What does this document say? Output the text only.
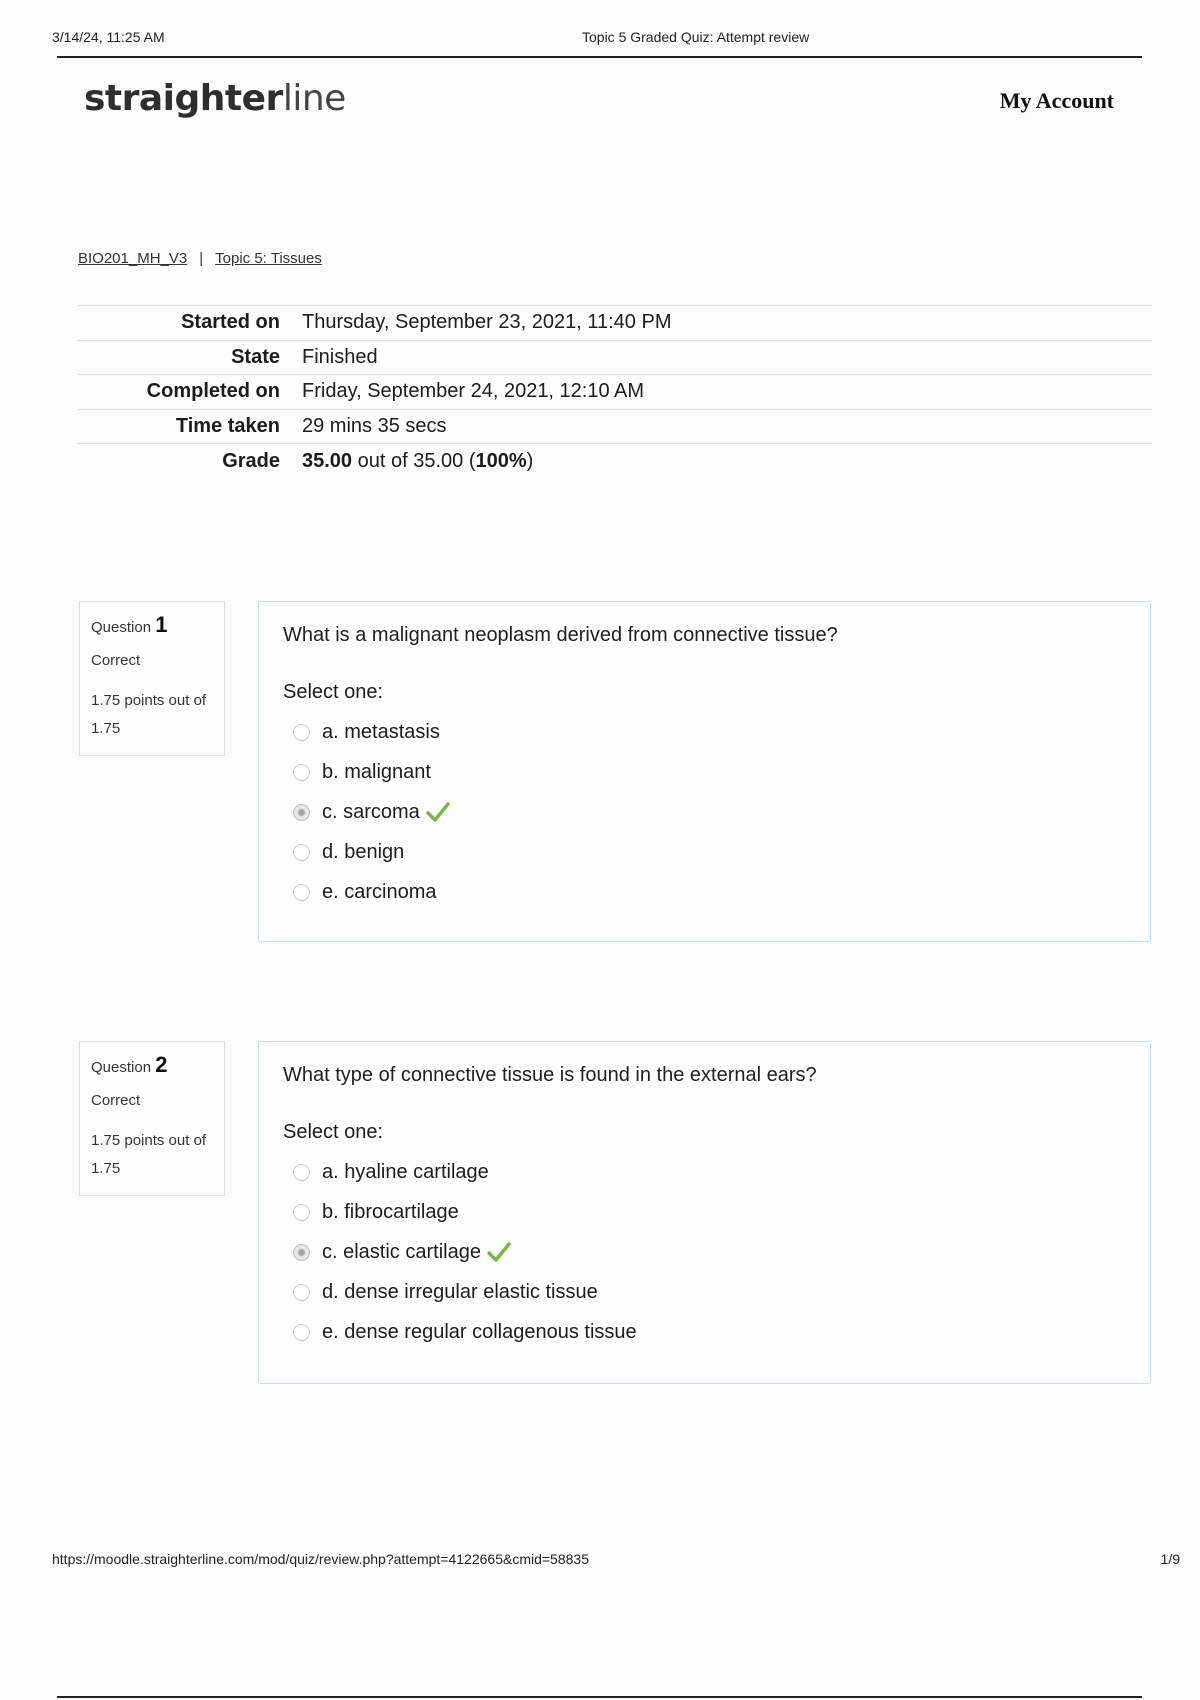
3/14/24, 11:25 AM	Topic 5 Graded Quiz: Attempt review
straighterline	My Account
BIO201_MH_V3 | Topic 5: Tissues
Started on	Thursday, September 23, 2021, 11:40 PM
State	Finished
Completed on	Friday, September 24, 2021, 12:10 AM
Time taken	29 mins 35 secs
Grade	35.00 out of 35.00 (100%)
Question 1
Correct
1.75 points out of 1.75
What is a malignant neoplasm derived from connective tissue?
Select one:
a. metastasis
b. malignant
c. sarcoma
d. benign
e. carcinoma
Question 2
Correct
1.75 points out of 1.75
What type of connective tissue is found in the external ears?
Select one:
a. hyaline cartilage
b. fibrocartilage
c. elastic cartilage
d. dense irregular elastic tissue
e. dense regular collagenous tissue
https://moodle.straighterline.com/mod/quiz/review.php?attempt=4122665&cmid=58835	1/9
